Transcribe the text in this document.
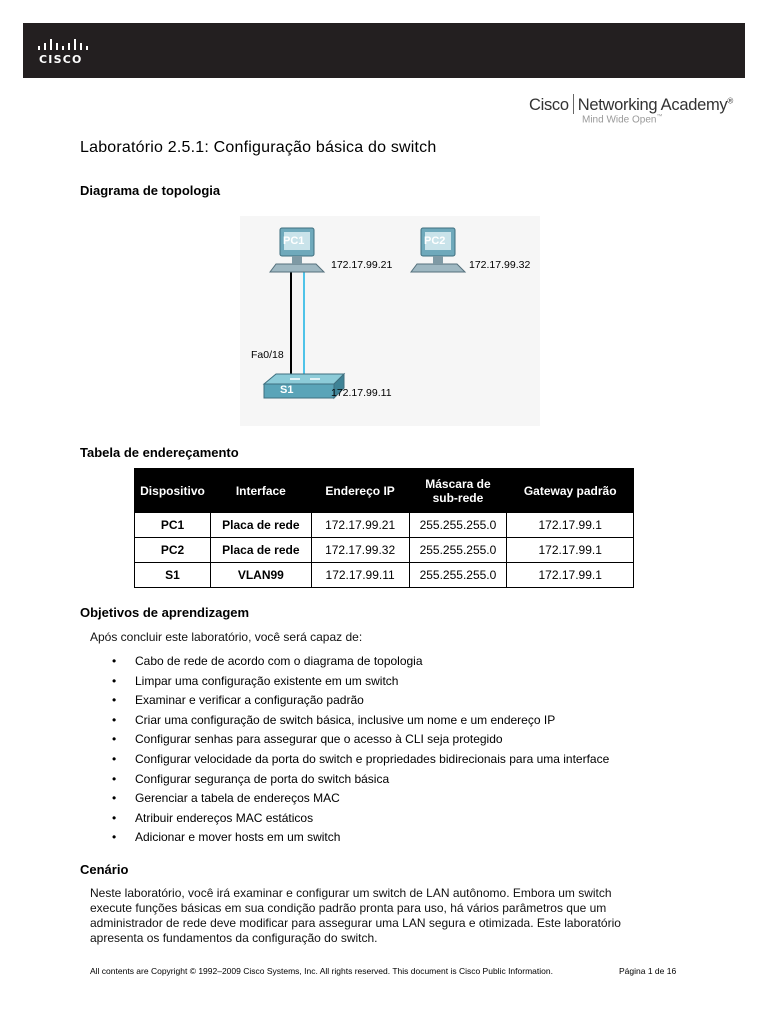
CISCO
Cisco Networking Academy®
Mind Wide Open™
Laboratório 2.5.1: Configuração básica do switch
Diagrama de topologia
PC1
172.17.99.21
PC2
172.17.99.32
Fa0/18
S1	172.17.99.11
Tabela de endereçamento
Dispositivo	Interface	Endereço IP	Máscara de sub-rede	Gateway padrão
PC1	Placa de rede	172.17.99.21	255.255.255.0	172.17.99.1
PC2	Placa de rede	172.17.99.32	255.255.255.0	172.17.99.1
S1	VLAN99	172.17.99.11	255.255.255.0	172.17.99.1
Objetivos de aprendizagem
Após concluir este laboratório, você será capaz de:
• Cabo de rede de acordo com o diagrama de topologia
• Limpar uma configuração existente em um switch
• Examinar e verificar a configuração padrão
• Criar uma configuração de switch básica, inclusive um nome e um endereço IP
• Configurar senhas para assegurar que o acesso à CLI seja protegido
• Configurar velocidade da porta do switch e propriedades bidirecionais para uma interface
• Configurar segurança de porta do switch básica
• Gerenciar a tabela de endereços MAC
• Atribuir endereços MAC estáticos
• Adicionar e mover hosts em um switch
Cenário
Neste laboratório, você irá examinar e configurar um switch de LAN autônomo. Embora um switch
execute funções básicas em sua condição padrão pronta para uso, há vários parâmetros que um
administrador de rede deve modificar para assegurar uma LAN segura e otimizada. Este laboratório
apresenta os fundamentos da configuração do switch.
All contents are Copyright © 1992–2009 Cisco Systems, Inc. All rights reserved. This document is Cisco Public Information.	Página 1 de 16
